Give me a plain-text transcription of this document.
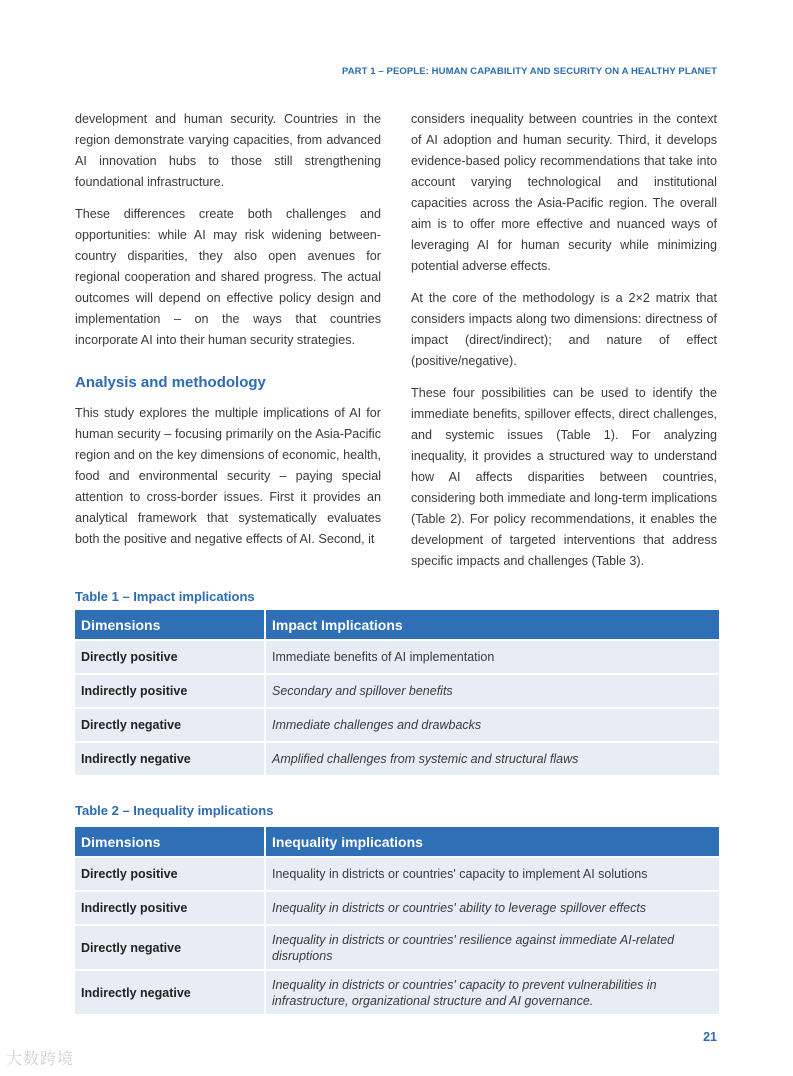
PART 1 – PEOPLE: HUMAN CAPABILITY AND SECURITY ON A HEALTHY PLANET

development and human security. Countries in the region demonstrate varying capacities, from advanced AI innovation hubs to those still strengthening foundational infrastructure.

These differences create both challenges and opportunities: while AI may risk widening between-country disparities, they also open avenues for regional cooperation and shared progress. The actual outcomes will depend on effective policy design and implementation – on the ways that countries incorporate AI into their human security strategies.

Analysis and methodology

This study explores the multiple implications of AI for human security – focusing primarily on the Asia-Pacific region and on the key dimensions of economic, health, food and environmental security – paying special attention to cross-border issues. First it provides an analytical framework that systematically evaluates both the positive and negative effects of AI. Second, it

considers inequality between countries in the context of AI adoption and human security. Third, it develops evidence-based policy recommendations that take into account varying technological and institutional capacities across the Asia-Pacific region. The overall aim is to offer more effective and nuanced ways of leveraging AI for human security while minimizing potential adverse effects.

At the core of the methodology is a 2×2 matrix that considers impacts along two dimensions: directness of impact (direct/indirect); and nature of effect (positive/negative).

These four possibilities can be used to identify the immediate benefits, spillover effects, direct challenges, and systemic issues (Table 1). For analyzing inequality, it provides a structured way to understand how AI affects disparities between countries, considering both immediate and long-term implications (Table 2). For policy recommendations, it enables the development of targeted interventions that address specific impacts and challenges (Table 3).

Table 1 – Impact implications
Dimensions	Impact Implications
Directly positive	Immediate benefits of AI implementation
Indirectly positive	Secondary and spillover benefits
Directly negative	Immediate challenges and drawbacks
Indirectly negative	Amplified challenges from systemic and structural flaws
Table 2 – Inequality implications
Dimensions	Inequality implications
Directly positive	Inequality in districts or countries' capacity to implement AI solutions
Indirectly positive	Inequality in districts or countries' ability to leverage spillover effects
Directly negative	Inequality in districts or countries' resilience against immediate AI-related disruptions
Indirectly negative	Inequality in districts or countries' capacity to prevent vulnerabilities in infrastructure, organizational structure and AI governance.
21
大数跨境
